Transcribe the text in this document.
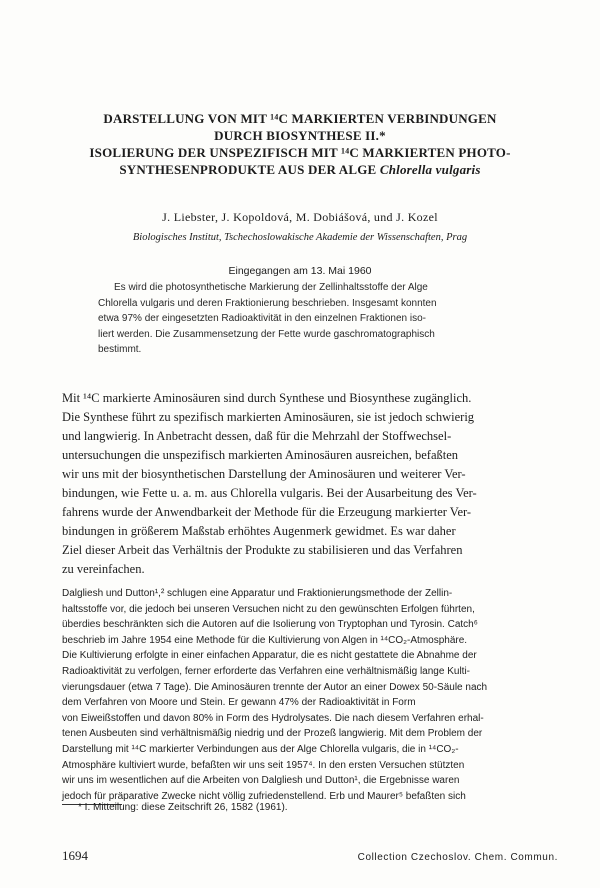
DARSTELLUNG VON MIT ¹⁴C MARKIERTEN VERBINDUNGEN
DURCH BIOSYNTHESE II.*
ISOLIERUNG DER UNSPEZIFISCH MIT ¹⁴C MARKIERTEN PHOTO-
SYNTHESENPRODUKTE AUS DER ALGE Chlorella vulgaris
J. Liebster, J. Kopoldová, M. Dobiášová, und J. Kozel
Biologisches Institut, Tschechoslowakische Akademie der Wissenschaften, Prag
Eingegangen am 13. Mai 1960
Es wird die photosynthetische Markierung der Zellinhaltsstoffe der Alge
Chlorella vulgaris und deren Fraktionierung beschrieben. Insgesamt konnten
etwa 97% der eingesetzten Radioaktivität in den einzelnen Fraktionen iso-
liert werden. Die Zusammensetzung der Fette wurde gaschromatographisch
bestimmt.
Mit ¹⁴C markierte Aminosäuren sind durch Synthese und Biosynthese zugänglich.
Die Synthese führt zu spezifisch markierten Aminosäuren, sie ist jedoch schwierig
und langwierig. In Anbetracht dessen, daß für die Mehrzahl der Stoffwechsel-
untersuchungen die unspezifisch markierten Aminosäuren ausreichen, befaßten
wir uns mit der biosynthetischen Darstellung der Aminosäuren und weiterer Ver-
bindungen, wie Fette u. a. m. aus Chlorella vulgaris. Bei der Ausarbeitung des Ver-
fahrens wurde der Anwendbarkeit der Methode für die Erzeugung markierter Ver-
bindungen in größerem Maßstab erhöhtes Augenmerk gewidmet. Es war daher
Ziel dieser Arbeit das Verhältnis der Produkte zu stabilisieren und das Verfahren
zu vereinfachen.
Dalgliesh und Dutton¹,² schlugen eine Apparatur und Fraktionierungsmethode der Zellin-
haltsstoffe vor, die jedoch bei unseren Versuchen nicht zu den gewünschten Erfolgen führten,
überdies beschränkten sich die Autoren auf die Isolierung von Tryptophan und Tyrosin. Catch⁶
beschrieb im Jahre 1954 eine Methode für die Kultivierung von Algen in ¹⁴CO₂-Atmosphäre.
Die Kultivierung erfolgte in einer einfachen Apparatur, die es nicht gestattete die Abnahme der
Radioaktivität zu verfolgen, ferner erforderte das Verfahren eine verhältnismäßig lange Kulti-
vierungsdauer (etwa 7 Tage). Die Aminosäuren trennte der Autor an einer Dowex 50-Säule nach
dem Verfahren von Moore und Stein. Er gewann 47% der Radioaktivität in Form
von Eiweißstoffen und davon 80% in Form des Hydrolysates. Die nach diesem Verfahren erhal-
tenen Ausbeuten sind verhältnismäßig niedrig und der Prozeß langwierig. Mit dem Problem der
Darstellung mit ¹⁴C markierter Verbindungen aus der Alge Chlorella vulgaris, die in ¹⁴CO₂-
Atmosphäre kultiviert wurde, befaßten wir uns seit 1957⁴. In den ersten Versuchen stützten
wir uns im wesentlichen auf die Arbeiten von Dalgliesh und Dutton¹, die Ergebnisse waren
jedoch für präparative Zwecke nicht völlig zufriedenstellend. Erb und Maurer⁵ befaßten sich
* I. Mitteilung: diese Zeitschrift 26, 1582 (1961).
1694	Collection Czechoslov. Chem. Commun.
